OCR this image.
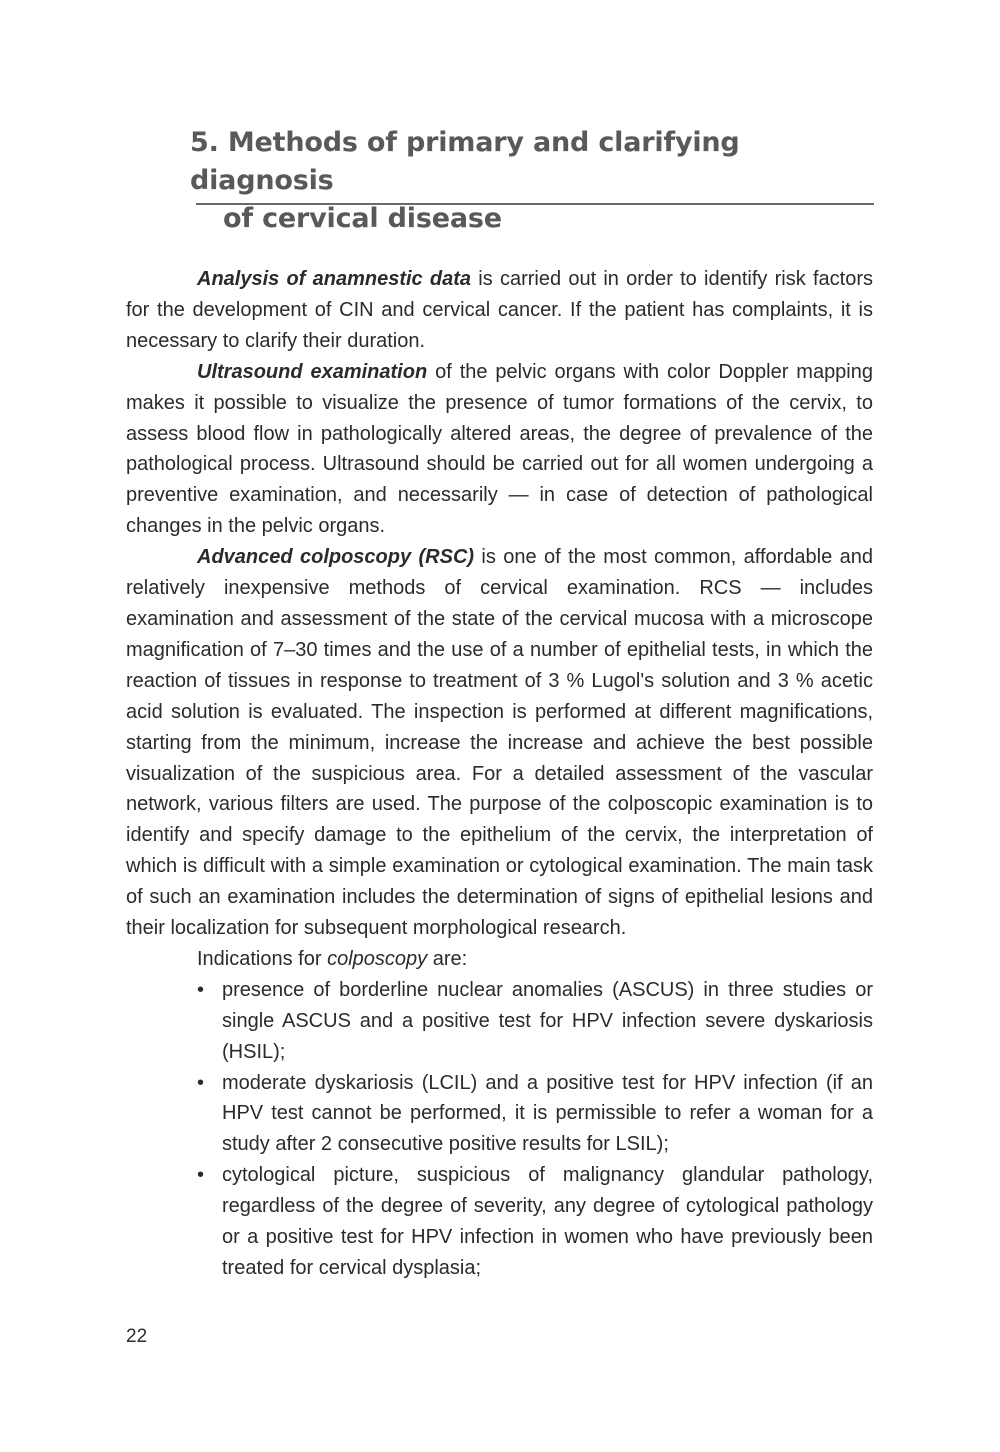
5. Methods of primary and clarifying diagnosis
of cervical disease

Analysis of anamnestic data is carried out in order to identify risk factors for the development of CIN and cervical cancer. If the patient has complaints, it is necessary to clarify their duration.

Ultrasound examination of the pelvic organs with color Doppler mapping makes it possible to visualize the presence of tumor formations of the cervix, to assess blood flow in pathologically altered areas, the degree of prevalence of the pathological process. Ultrasound should be carried out for all women undergoing a preventive examination, and necessarily — in case of detection of pathological changes in the pelvic organs.

Advanced colposcopy (RSC) is one of the most common, affordable and relatively inexpensive methods of cervical examination. RCS — includes examination and assessment of the state of the cervical mucosa with a microscope magnification of 7–30 times and the use of a number of epithelial tests, in which the reaction of tissues in response to treatment of 3 % Lugol's solution and 3 % acetic acid solution is evaluated. The inspection is performed at different magnifications, starting from the minimum, increase the increase and achieve the best possible visualization of the suspicious area. For a detailed assessment of the vascular network, various filters are used. The purpose of the colposcopic examination is to identify and specify damage to the epithelium of the cervix, the interpretation of which is difficult with a simple examination or cytological examination. The main task of such an examination includes the determination of signs of epithelial lesions and their localization for subsequent morphological research.

Indications for colposcopy are:

• presence of borderline nuclear anomalies (ASCUS) in three studies or single ASCUS and a positive test for HPV infection severe dyskariosis (HSIL);
• moderate dyskariosis (LCIL) and a positive test for HPV infection (if an HPV test cannot be performed, it is permissible to refer a woman for a study after 2 consecutive positive results for LSIL);
• cytological picture, suspicious of malignancy glandular pathology, regardless of the degree of severity, any degree of cytological pathology or a positive test for HPV infection in women who have previously been treated for cervical dysplasia;
22
